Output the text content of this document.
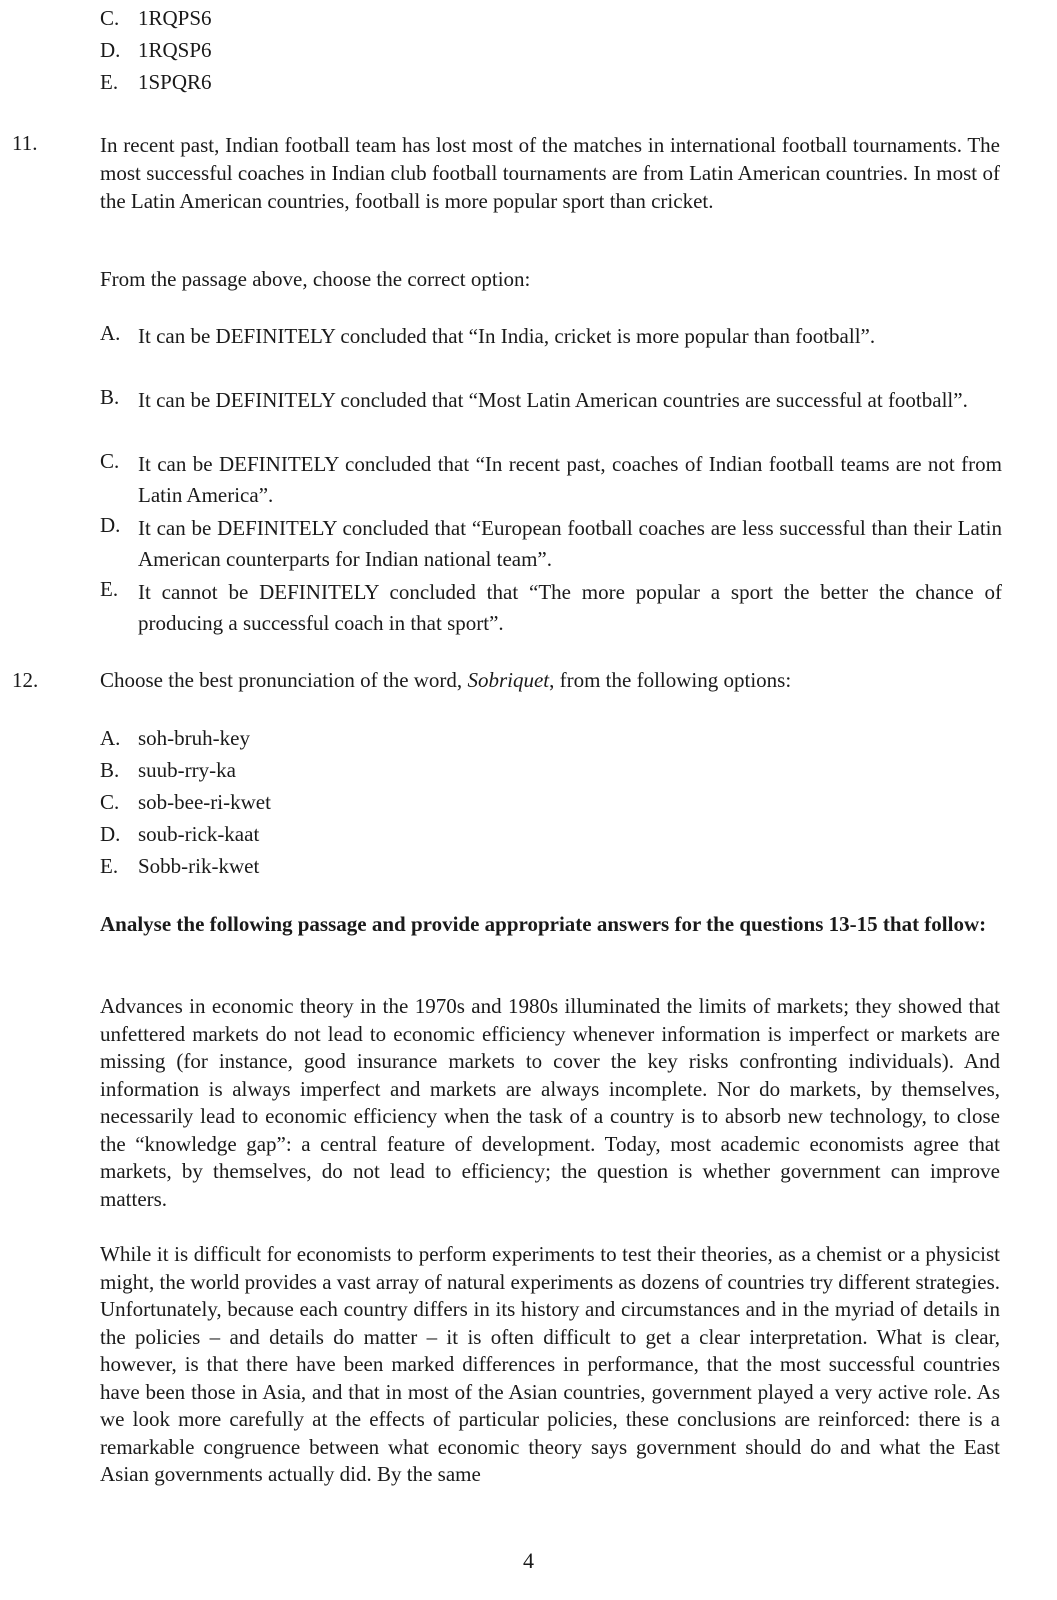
C. 1RQPS6
D. 1RQSP6
E. 1SPQR6
11.	In recent past, Indian football team has lost most of the matches in international football tournaments. The most successful coaches in Indian club football tournaments are from Latin American countries. In most of the Latin American countries, football is more popular sport than cricket.
From the passage above, choose the correct option:
A. It can be DEFINITELY concluded that “In India, cricket is more popular than football”.
B. It can be DEFINITELY concluded that “Most Latin American countries are successful at football”.
C. It can be DEFINITELY concluded that “In recent past, coaches of Indian football teams are not from Latin America”.
D. It can be DEFINITELY concluded that “European football coaches are less successful than their Latin American counterparts for Indian national team”.
E. It cannot be DEFINITELY concluded that “The more popular a sport the better the chance of producing a successful coach in that sport”.
12.	Choose the best pronunciation of the word, Sobriquet, from the following options:
A. soh-bruh-key
B. suub-rry-ka
C. sob-bee-ri-kwet
D. soub-rick-kaat
E. Sobb-rik-kwet
Analyse the following passage and provide appropriate answers for the questions 13-15 that follow:
Advances in economic theory in the 1970s and 1980s illuminated the limits of markets; they showed that unfettered markets do not lead to economic efficiency whenever information is imperfect or markets are missing (for instance, good insurance markets to cover the key risks confronting individuals). And information is always imperfect and markets are always incomplete. Nor do markets, by themselves, necessarily lead to economic efficiency when the task of a country is to absorb new technology, to close the “knowledge gap”: a central feature of development. Today, most academic economists agree that markets, by themselves, do not lead to efficiency; the question is whether government can improve matters.
While it is difficult for economists to perform experiments to test their theories, as a chemist or a physicist might, the world provides a vast array of natural experiments as dozens of countries try different strategies. Unfortunately, because each country differs in its history and circumstances and in the myriad of details in the policies – and details do matter – it is often difficult to get a clear interpretation. What is clear, however, is that there have been marked differences in performance, that the most successful countries have been those in Asia, and that in most of the Asian countries, government played a very active role. As we look more carefully at the effects of particular policies, these conclusions are reinforced: there is a remarkable congruence between what economic theory says government should do and what the East Asian governments actually did. By the same
4
